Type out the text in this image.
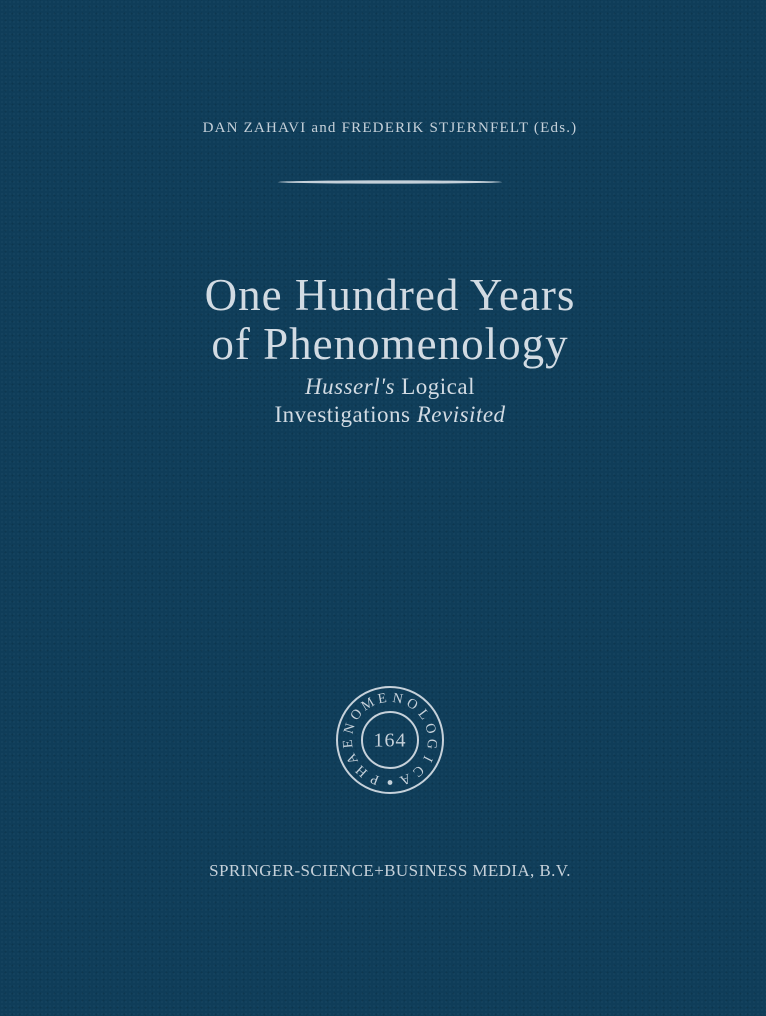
DAN ZAHAVI and FREDERIK STJERNFELT (Eds.)
One Hundred Years
of Phenomenology
Husserl's Logical
Investigations Revisited
P
H
A
E
N
O
M E N O
L
O
G
I
C
A
164
SPRINGER-SCIENCE+BUSINESS MEDIA, B.V.
